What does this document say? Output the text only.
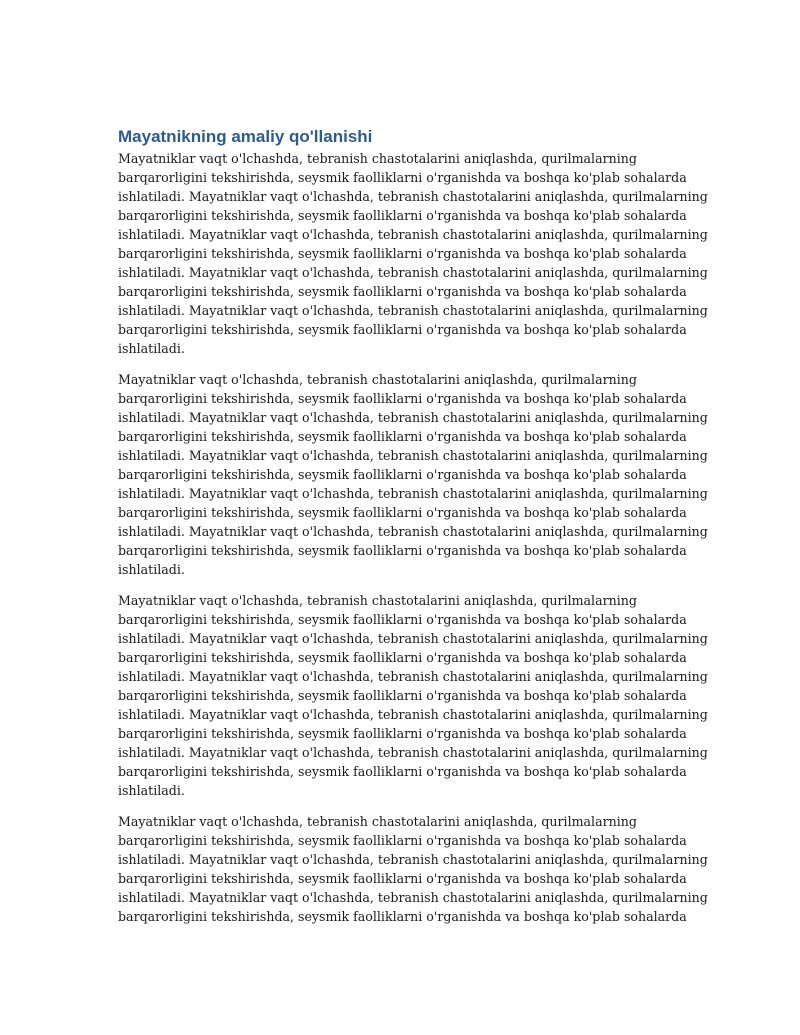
Mayatnikning amaliy qo'llanishi

Mayatniklar vaqt o'lchashda, tebranish chastotalarini aniqlashda, qurilmalarning
barqarorligini tekshirishda, seysmik faolliklarni o'rganishda va boshqa ko'plab sohalarda
ishlatiladi. Mayatniklar vaqt o'lchashda, tebranish chastotalarini aniqlashda, qurilmalarning
barqarorligini tekshirishda, seysmik faolliklarni o'rganishda va boshqa ko'plab sohalarda
ishlatiladi. Mayatniklar vaqt o'lchashda, tebranish chastotalarini aniqlashda, qurilmalarning
barqarorligini tekshirishda, seysmik faolliklarni o'rganishda va boshqa ko'plab sohalarda
ishlatiladi. Mayatniklar vaqt o'lchashda, tebranish chastotalarini aniqlashda, qurilmalarning
barqarorligini tekshirishda, seysmik faolliklarni o'rganishda va boshqa ko'plab sohalarda
ishlatiladi. Mayatniklar vaqt o'lchashda, tebranish chastotalarini aniqlashda, qurilmalarning
barqarorligini tekshirishda, seysmik faolliklarni o'rganishda va boshqa ko'plab sohalarda
ishlatiladi.

Mayatniklar vaqt o'lchashda, tebranish chastotalarini aniqlashda, qurilmalarning
barqarorligini tekshirishda, seysmik faolliklarni o'rganishda va boshqa ko'plab sohalarda
ishlatiladi. Mayatniklar vaqt o'lchashda, tebranish chastotalarini aniqlashda, qurilmalarning
barqarorligini tekshirishda, seysmik faolliklarni o'rganishda va boshqa ko'plab sohalarda
ishlatiladi. Mayatniklar vaqt o'lchashda, tebranish chastotalarini aniqlashda, qurilmalarning
barqarorligini tekshirishda, seysmik faolliklarni o'rganishda va boshqa ko'plab sohalarda
ishlatiladi. Mayatniklar vaqt o'lchashda, tebranish chastotalarini aniqlashda, qurilmalarning
barqarorligini tekshirishda, seysmik faolliklarni o'rganishda va boshqa ko'plab sohalarda
ishlatiladi. Mayatniklar vaqt o'lchashda, tebranish chastotalarini aniqlashda, qurilmalarning
barqarorligini tekshirishda, seysmik faolliklarni o'rganishda va boshqa ko'plab sohalarda
ishlatiladi.

Mayatniklar vaqt o'lchashda, tebranish chastotalarini aniqlashda, qurilmalarning
barqarorligini tekshirishda, seysmik faolliklarni o'rganishda va boshqa ko'plab sohalarda
ishlatiladi. Mayatniklar vaqt o'lchashda, tebranish chastotalarini aniqlashda, qurilmalarning
barqarorligini tekshirishda, seysmik faolliklarni o'rganishda va boshqa ko'plab sohalarda
ishlatiladi. Mayatniklar vaqt o'lchashda, tebranish chastotalarini aniqlashda, qurilmalarning
barqarorligini tekshirishda, seysmik faolliklarni o'rganishda va boshqa ko'plab sohalarda
ishlatiladi. Mayatniklar vaqt o'lchashda, tebranish chastotalarini aniqlashda, qurilmalarning
barqarorligini tekshirishda, seysmik faolliklarni o'rganishda va boshqa ko'plab sohalarda
ishlatiladi. Mayatniklar vaqt o'lchashda, tebranish chastotalarini aniqlashda, qurilmalarning
barqarorligini tekshirishda, seysmik faolliklarni o'rganishda va boshqa ko'plab sohalarda
ishlatiladi.

Mayatniklar vaqt o'lchashda, tebranish chastotalarini aniqlashda, qurilmalarning
barqarorligini tekshirishda, seysmik faolliklarni o'rganishda va boshqa ko'plab sohalarda
ishlatiladi. Mayatniklar vaqt o'lchashda, tebranish chastotalarini aniqlashda, qurilmalarning
barqarorligini tekshirishda, seysmik faolliklarni o'rganishda va boshqa ko'plab sohalarda
ishlatiladi. Mayatniklar vaqt o'lchashda, tebranish chastotalarini aniqlashda, qurilmalarning
barqarorligini tekshirishda, seysmik faolliklarni o'rganishda va boshqa ko'plab sohalarda
